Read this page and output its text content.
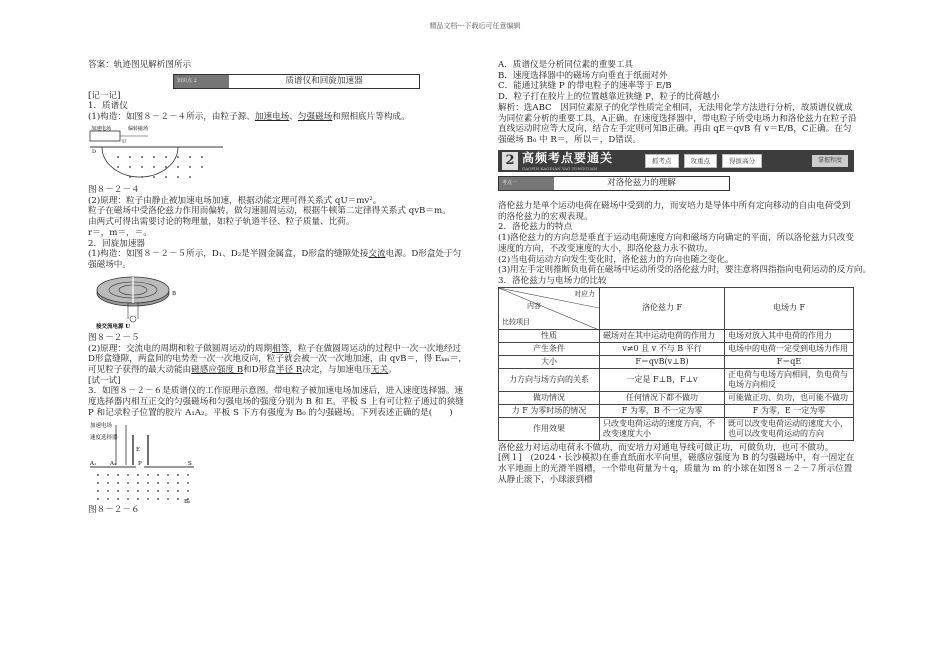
精品文档---下载后可任意编辑

答案：轨迹图见解析图所示

知识点 2	质谱仪和回旋加速器

[记一记]

1．质谱仪

(1)构造：如图８－２－４所示，由粒子源、加速电场、匀强磁场和照相底片等构成。

加速电场	偏转磁场
U
D

图８－２－４

(2)原理：粒子由静止被加速电场加速，根据动能定理可得关系式 qU＝mv²。

粒子在磁场中受洛伦兹力作用而偏转，做匀速圆周运动，根据牛顿第二定律得关系式 qvB＝m。

由两式可得出需要讨论的物理量，如粒子轨道半径、粒子质量、比荷。

r＝，m＝，＝。

2．回旋加速器

(1)构造：如图８－２－５所示，D₁、D₂是半圆金属盒，D形盒的缝隙处接交流电源。D形盒处于匀强磁场中。

接交流电源 U
B

图８－２－５

(2)原理：交流电的周期和粒子做圆周运动的周期相等，粒子在做圆周运动的过程中一次一次地经过D形盒缝隙，两盒间的电势差一次一次地反向，粒子就会被一次一次地加速，由 qvB＝，得 Eₖₘ＝，可见粒子获得的最大动能由磁感应强度 B和D形盒半径 R决定，与加速电压无关。

[试一试]

3．如图８－２－６是质谱仪的工作原理示意图。带电粒子被加速电场加速后，进入速度选择器。速度选择器内相互正交的匀强磁场和匀强电场的强度分别为 B 和 E。平板 S 上有可让粒子通过的狭缝 P 和记录粒子位置的胶片 A₁A₂。平板 S 下方有强度为 B₀ 的匀强磁场。下列表述正确的是(　　)

加速电场
速度选择器
E
S
P
A₁	A₂
B₀

图８－２－６

A．质谱仪是分析同位素的重要工具

B．速度选择器中的磁场方向垂直于纸面对外

C．能通过狭缝 P 的带电粒子的速率等于 E/B

D．粒子打在胶片上的位置越靠近狭缝 P，粒子的比荷越小

解析：选ABC　因同位素原子的化学性质完全相同，无法用化学方法进行分析，故质谱仪就成为同位素分析的重要工具，A正确。在速度选择器中，带电粒子所受电场力和洛伦兹力在粒子沿直线运动时应等大反向，结合左手定则可知B正确。再由 qE＝qvB 有 v＝E/B，C正确。在匀强磁场 B₀ 中 R＝，所以＝，D错误。

2 高频考点要通关
GAOPIN KAODIAN YAO TONGGUAN
抓考点	攻重点	得拔高分	掌握程度
考点一	对洛伦兹力的理解

洛伦兹力是单个运动电荷在磁场中受到的力，而安培力是导体中所有定向移动的自由电荷受到的洛伦兹力的宏观表现。

2．洛伦兹力的特点

(1)洛伦兹力的方向总是垂直于运动电荷速度方向和磁场方向确定的平面，所以洛伦兹力只改变速度的方向，不改变速度的大小，即洛伦兹力永不做功。

(2)当电荷运动方向发生变化时，洛伦兹力的方向也随之变化。

(3)用左手定则推断负电荷在磁场中运动所受的洛伦兹力时，要注意将四指指向电荷运动的反方向。

3．洛伦兹力与电场力的比较

对应力
内容
比较项目	洛伦兹力 F	电场力 F
性质	磁场对在其中运动电荷的作用力	电场对放入其中电荷的作用力
产生条件	v≠0 且 v 不与 B 平行	电场中的电荷一定受到电场力作用
大小	F＝qvB(v⊥B)	F＝qE
力方向与场方向的关系	一定是 F⊥B，F⊥v	正电荷与电场方向相同，负电荷与电场方向相反
做功情况	任何情况下都不做功	可能做正功、负功，也可能不做功
力 F 为零时场的情况	F 为零，B 不一定为零	F 为零，E 一定为零
作用效果	只改变电荷运动的速度方向，不改变速度大小	既可以改变电荷运动的速度大小，也可以改变电荷运动的方向

洛伦兹力对运动电荷永不做功，而安培力对通电导线可做正功，可做负功，也可不做功。

[例１]　(2024・长沙模拟)在垂直纸面水平向里，磁感应强度为 B 的匀强磁场中，有一固定在水平地面上的光滑半圆槽，一个带电荷量为＋q，质量为 m 的小球在如图８－２－７所示位置从静止滚下，小球滚到槽
